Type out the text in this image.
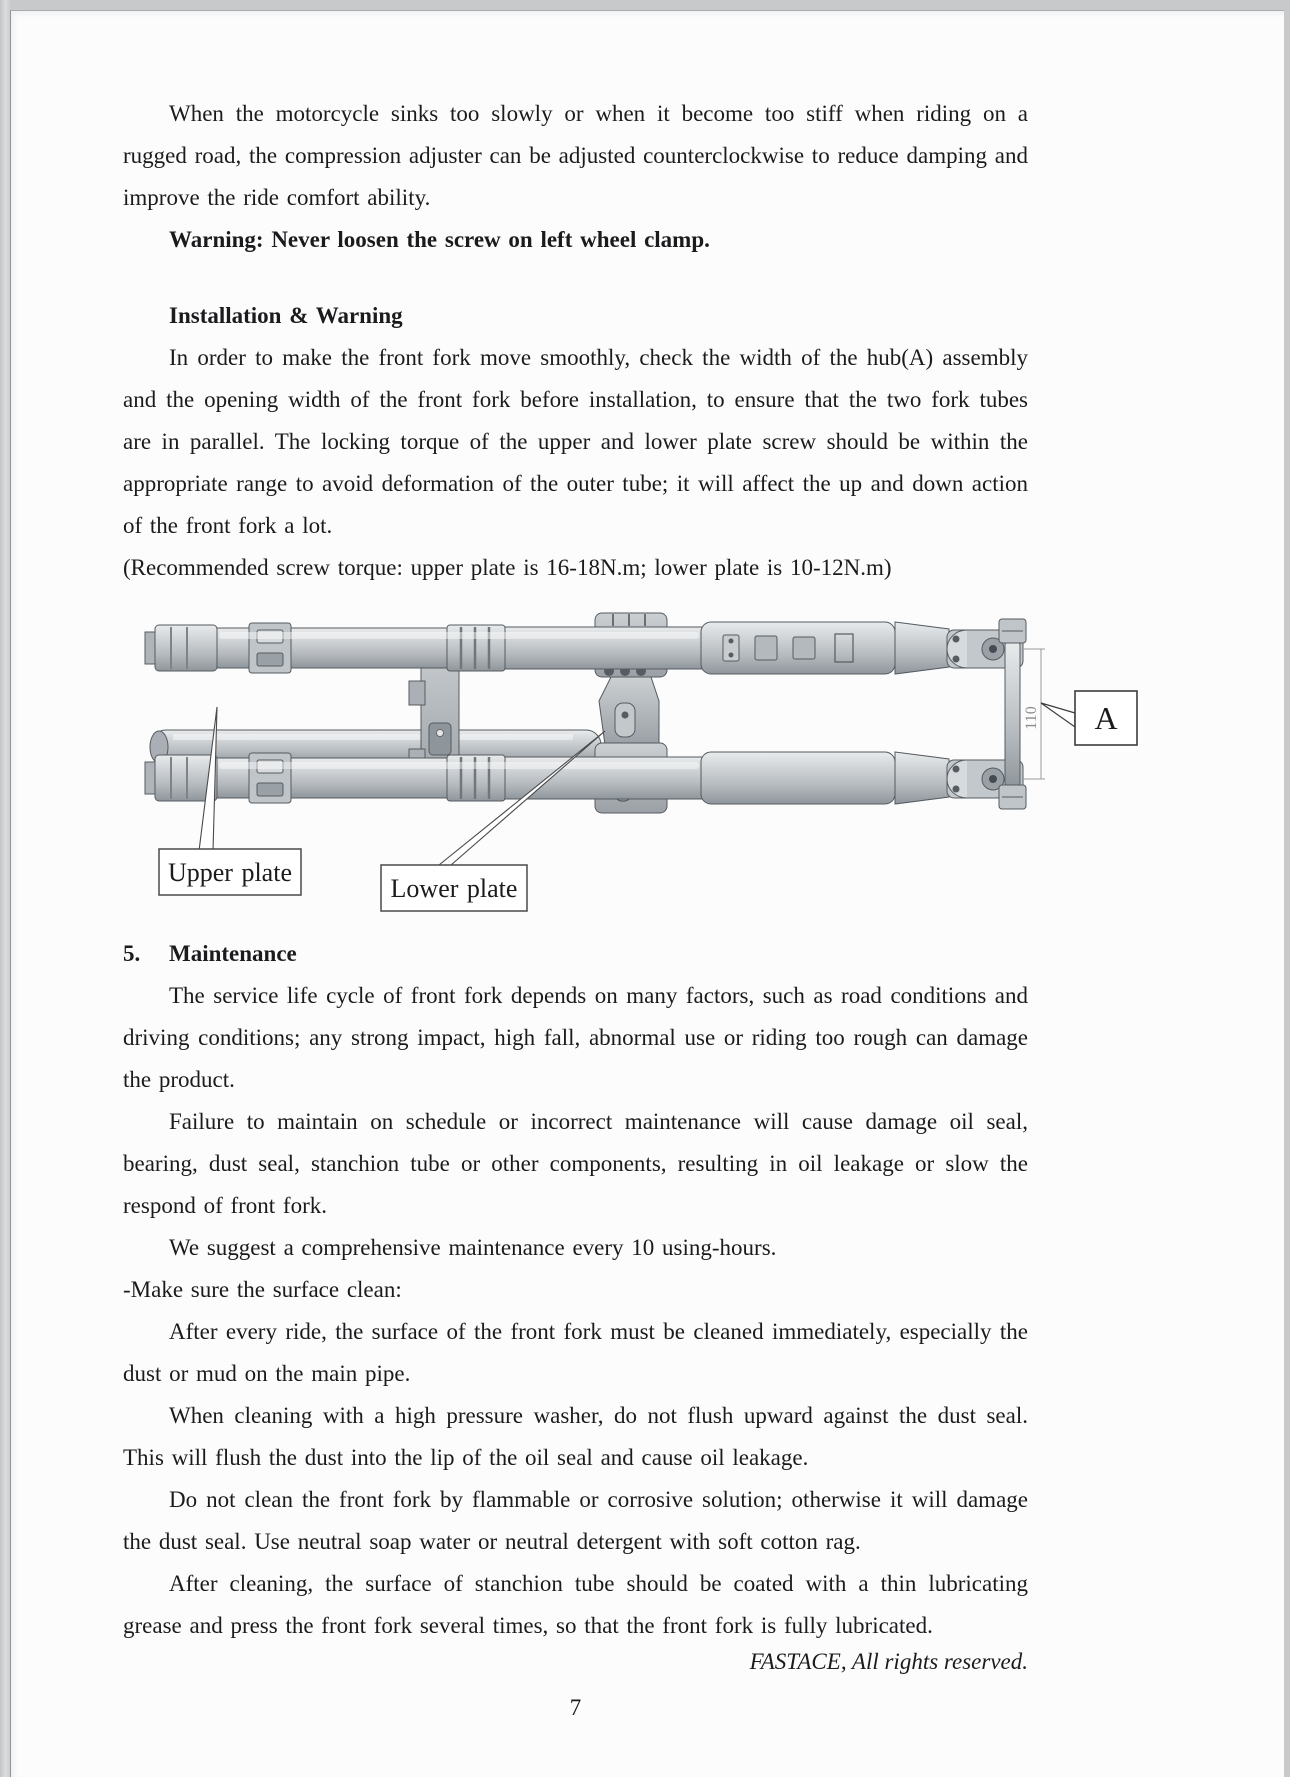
When the motorcycle sinks too slowly or when it become too stiff when riding on a rugged road, the compression adjuster can be adjusted counterclockwise to reduce damping and improve the ride comfort ability.

Warning: Never loosen the screw on left wheel clamp.

Installation & Warning

In order to make the front fork move smoothly, check the width of the hub(A) assembly and the opening width of the front fork before installation, to ensure that the two fork tubes are in parallel. The locking torque of the upper and lower plate screw should be within the appropriate range to avoid deformation of the outer tube; it will affect the up and down action of the front fork a lot.

(Recommended screw torque: upper plate is 16-18N.m; lower plate is 10-12N.m)

110 A
Upper plate
Lower plate

5. Maintenance

The service life cycle of front fork depends on many factors, such as road conditions and driving conditions; any strong impact, high fall, abnormal use or riding too rough can damage the product.

Failure to maintain on schedule or incorrect maintenance will cause damage oil seal, bearing, dust seal, stanchion tube or other components, resulting in oil leakage or slow the respond of front fork.

We suggest a comprehensive maintenance every 10 using-hours.

-Make sure the surface clean:

After every ride, the surface of the front fork must be cleaned immediately, especially the dust or mud on the main pipe.

When cleaning with a high pressure washer, do not flush upward against the dust seal. This will flush the dust into the lip of the oil seal and cause oil leakage.

Do not clean the front fork by flammable or corrosive solution; otherwise it will damage the dust seal. Use neutral soap water or neutral detergent with soft cotton rag.

After cleaning, the surface of stanchion tube should be coated with a thin lubricating grease and press the front fork several times, so that the front fork is fully lubricated.

FASTACE, All rights reserved.
7
